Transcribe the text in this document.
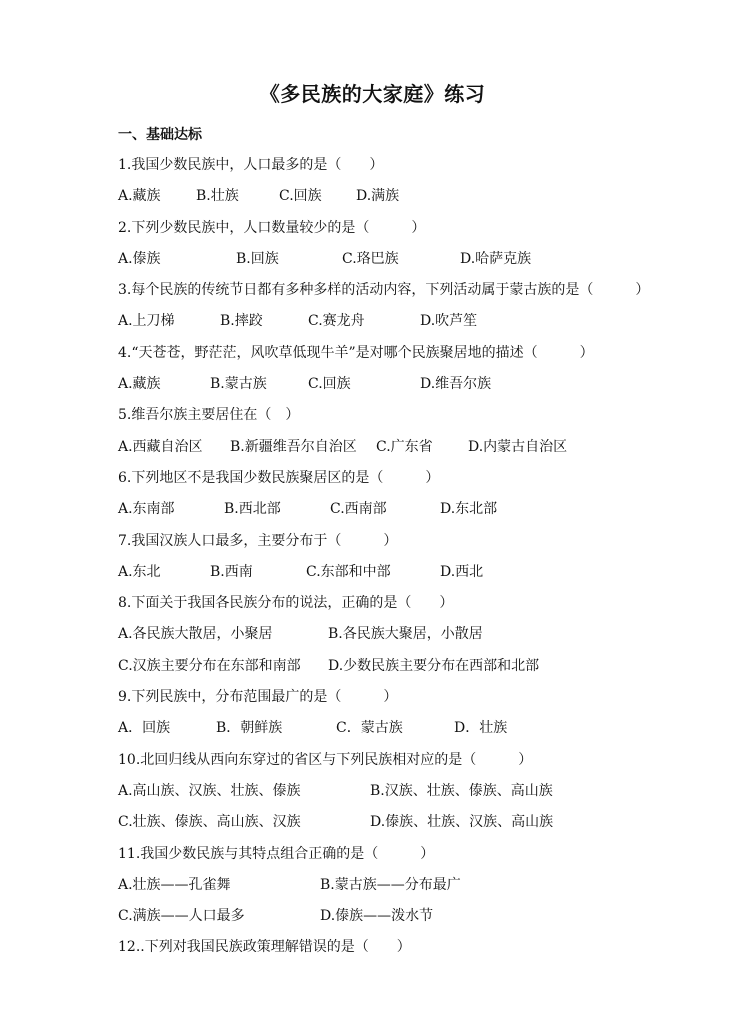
《多民族的大家庭》练习
一、基础达标
1.我国少数民族中，人口最多的是（　　）
A.藏族	B.壮族	C.回族 D.满族
2.下列少数民族中，人口数量较少的是（　　　）
A.傣族	B.回族	C.珞巴族	D.哈萨克族
3.每个民族的传统节日都有多种多样的活动内容，下列活动属于蒙古族的是（　　　）
A.上刀梯	B.摔跤	C.赛龙舟	D.吹芦笙
4.“天苍苍，野茫茫，风吹草低现牛羊”是对哪个民族聚居地的描述（　　　）
A.藏族	B.蒙古族	C.回族	D.维吾尔族
5.维吾尔族主要居住在（　）
A.西藏自治区 B.新疆维吾尔自治区 C.广东省	D.内蒙古自治区
6.下列地区不是我国少数民族聚居区的是（　　　）
A.东南部	B.西北部	C.西南部	D.东北部
7.我国汉族人口最多，主要分布于（　　　）
A.东北	B.西南	C.东部和中部	D.西北
8.下面关于我国各民族分布的说法，正确的是（　　）
A.各民族大散居，小聚居	B.各民族大聚居，小散居
C.汉族主要分布在东部和南部 D.少数民族主要分布在西部和北部
9.下列民族中，分布范围最广的是（　　　）
A．回族	B．朝鲜族	C．蒙古族	D．壮族
10.北回归线从西向东穿过的省区与下列民族相对应的是（　　　）
A.高山族、汉族、壮族、傣族	B.汉族、壮族、傣族、高山族
C.壮族、傣族、高山族、汉族	D.傣族、壮族、汉族、高山族
11.我国少数民族与其特点组合正确的是（　　　）
A.壮族——孔雀舞	B.蒙古族——分布最广
C.满族——人口最多	D.傣族——泼水节
12..下列对我国民族政策理解错误的是（　　）
